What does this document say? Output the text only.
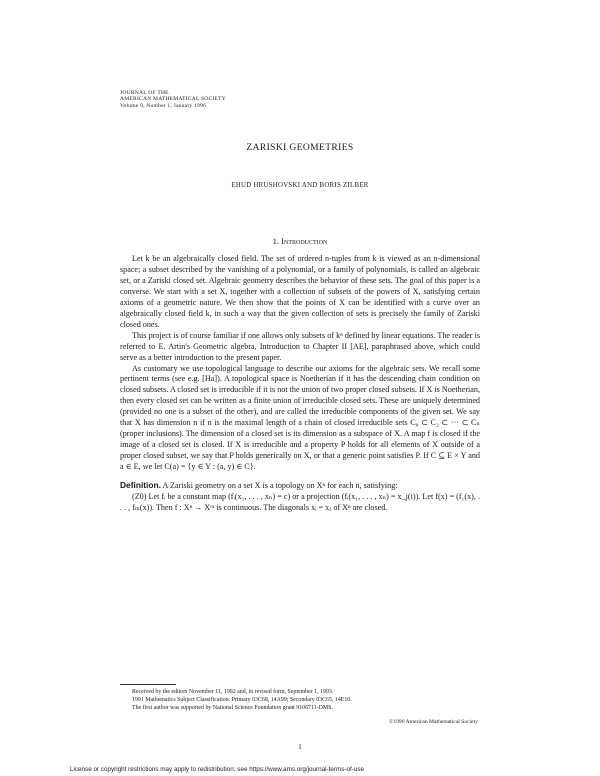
JOURNAL OF THE
AMERICAN MATHEMATICAL SOCIETY
Volume 9, Number 1, January 1996
ZARISKI GEOMETRIES
EHUD HRUSHOVSKI AND BORIS ZILBER
1. Introduction

Let k be an algebraically closed field. The set of ordered n-tuples from k is viewed as an n-dimensional space; a subset described by the vanishing of a polynomial, or a family of polynomials, is called an algebraic set, or a Zariski closed set. Algebraic geometry describes the behavior of these sets. The goal of this paper is a converse. We start with a set X, together with a collection of subsets of the powers of X, satisfying certain axioms of a geometric nature. We then show that the points of X can be identified with a curve over an algebraically closed field k, in such a way that the given collection of sets is precisely the family of Zariski closed ones.

This project is of course familiar if one allows only subsets of kⁿ defined by linear equations. The reader is referred to E. Artin's Geometric algebra, Introduction to Chapter II [AE], paraphrased above, which could serve as a better introduction to the present paper.

As customary we use topological language to describe our axioms for the algebraic sets. We recall some pertinent terms (see e.g. [Ha]). A topological space is Noetherian if it has the descending chain condition on closed subsets. A closed set is irreducible if it is not the union of two proper closed subsets. If X is Noetherian, then every closed set can be written as a finite union of irreducible closed sets. These are uniquely determined (provided no one is a subset of the other), and are called the irreducible components of the given set. We say that X has dimension n if n is the maximal length of a chain of closed irreducible sets C₀ ⊂ C₂ ⊂ ··· ⊂ Cₙ (proper inclusions). The dimension of a closed set is its dimension as a subspace of X. A map f is closed if the image of a closed set is closed. If X is irreducible and a property P holds for all elements of X outside of a proper closed subset, we say that P holds generically on X, or that a generic point satisfies P. If C ⊆ E × Y and a ∈ E, we let C(a) = {y ∈ Y : (a, y) ∈ C}.

Definition. A Zariski geometry on a set X is a topology on Xⁿ for each n, satisfying:

(Z0) Let fᵢ be a constant map (fᵢ(x₁, . . . , xₙ) = c) or a projection (fᵢ(x₁, . . . , xₙ) = x_j(i)). Let f(x) = (f₁(x), . . . , fₘ(x)). Then f : Xⁿ → Xᵐ is continuous. The diagonals xᵢ = xⱼ of Xⁿ are closed.

Received by the editors November 11, 1992 and, in revised form, September 1, 1993.
1991 Mathematics Subject Classification. Primary 03C68, 14A99; Secondary 03C65, 14E10.
The first author was supported by National Science Foundation grant 9106711-DMS.
©1996 American Mathematical Society
1
License or copyright restrictions may apply to redistribution; see https://www.ams.org/journal-terms-of-use
